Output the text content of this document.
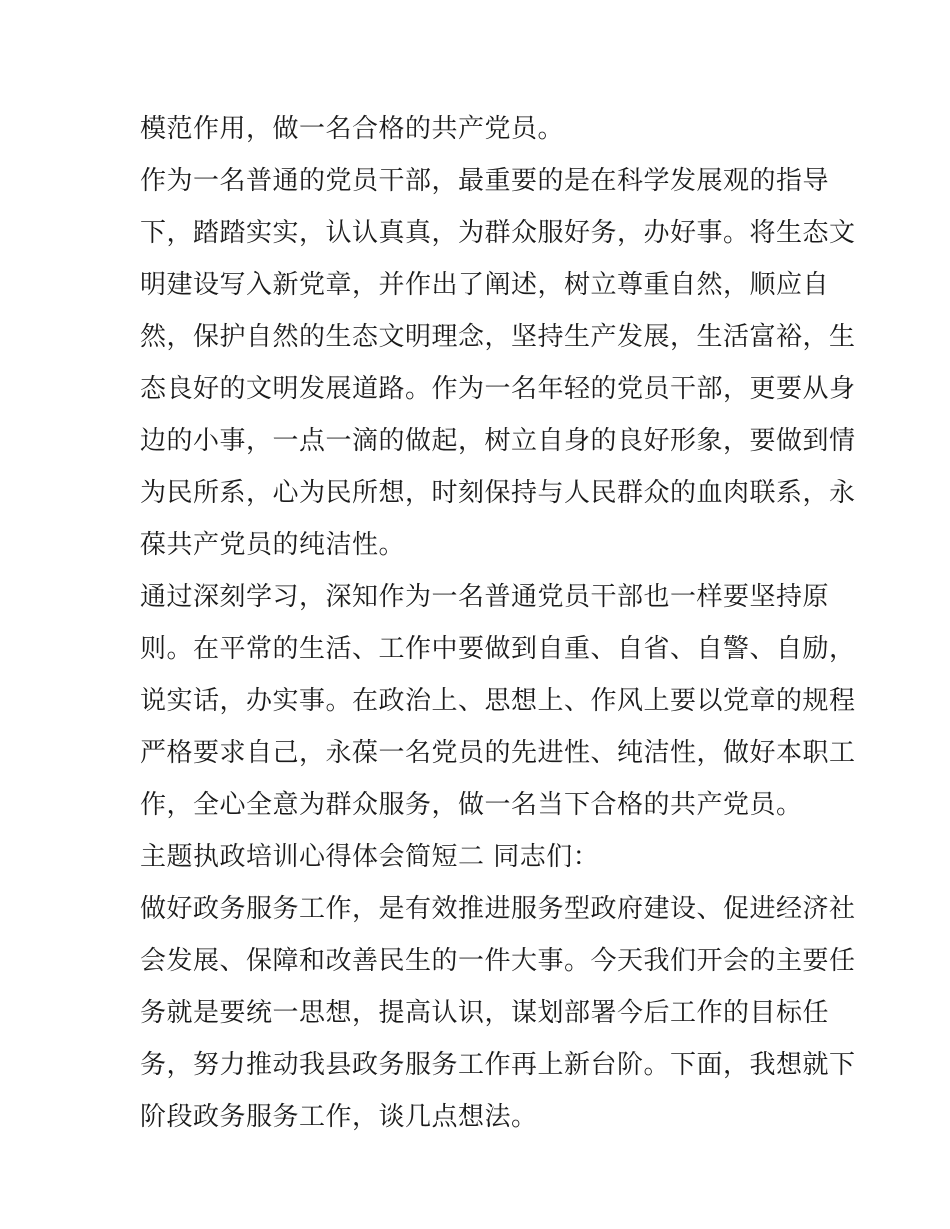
模范作用，做一名合格的共产党员。
作为一名普通的党员干部，最重要的是在科学发展观的指导
下，踏踏实实，认认真真，为群众服好务，办好事。将生态文
明建设写入新党章，并作出了阐述，树立尊重自然，顺应自
然，保护自然的生态文明理念，坚持生产发展，生活富裕，生
态良好的文明发展道路。作为一名年轻的党员干部，更要从身
边的小事，一点一滴的做起，树立自身的良好形象，要做到情
为民所系，心为民所想，时刻保持与人民群众的血肉联系，永
葆共产党员的纯洁性。
通过深刻学习，深知作为一名普通党员干部也一样要坚持原
则。在平常的生活、工作中要做到自重、自省、自警、自励，
说实话，办实事。在政治上、思想上、作风上要以党章的规程
严格要求自己，永葆一名党员的先进性、纯洁性，做好本职工
作，全心全意为群众服务，做一名当下合格的共产党员。
主题执政培训心得体会简短二 同志们：
做好政务服务工作，是有效推进服务型政府建设、促进经济社
会发展、保障和改善民生的一件大事。今天我们开会的主要任
务就是要统一思想，提高认识，谋划部署今后工作的目标任
务，努力推动我县政务服务工作再上新台阶。下面，我想就下
阶段政务服务工作，谈几点想法。
